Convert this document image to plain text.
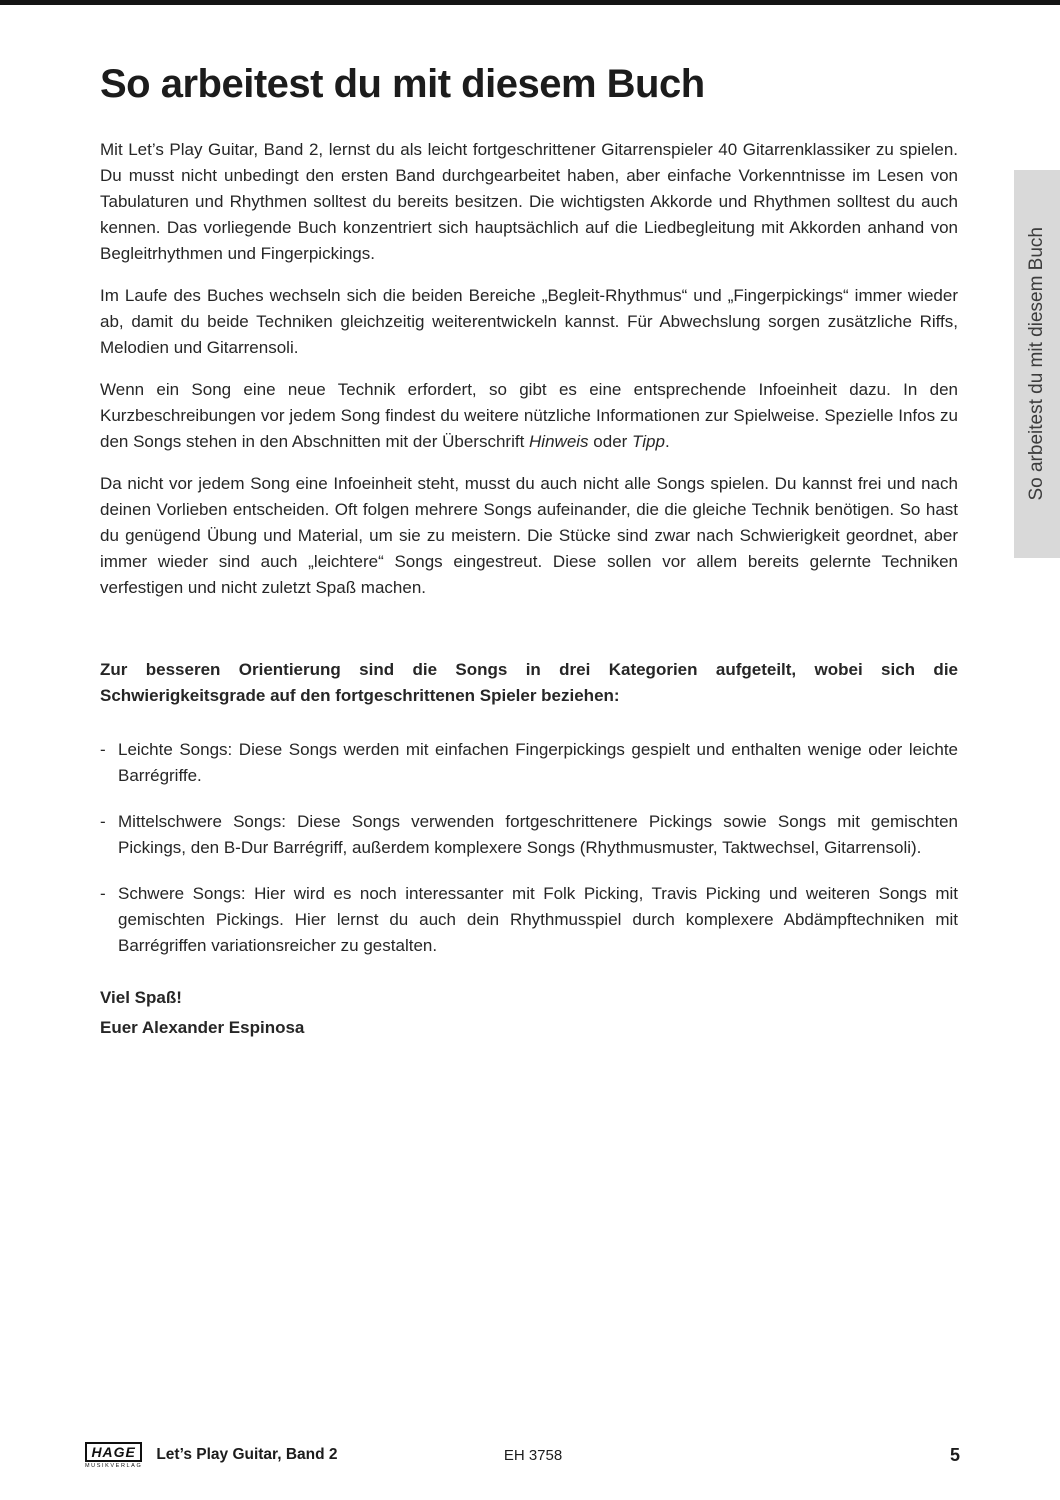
So arbeitest du mit diesem Buch

Mit Let’s Play Guitar, Band 2, lernst du als leicht fortgeschrittener Gitarrenspieler 40 Gitarrenklassiker zu spielen. Du musst nicht unbedingt den ersten Band durchgearbeitet haben, aber einfache Vorkenntnisse im Lesen von Tabulaturen und Rhythmen solltest du bereits besitzen. Die wichtigsten Akkorde und Rhythmen solltest du auch kennen. Das vorliegende Buch konzentriert sich hauptsächlich auf die Liedbegleitung mit Akkorden anhand von Begleitrhythmen und Fingerpickings.

Im Laufe des Buches wechseln sich die beiden Bereiche „Begleit-Rhythmus“ und „Fingerpickings“ immer wieder ab, damit du beide Techniken gleichzeitig weiterentwickeln kannst. Für Abwechslung sorgen zusätzliche Riffs, Melodien und Gitarrensoli.

Wenn ein Song eine neue Technik erfordert, so gibt es eine entsprechende Infoeinheit dazu. In den Kurzbeschreibungen vor jedem Song findest du weitere nützliche Informationen zur Spielweise. Spezielle Infos zu den Songs stehen in den Abschnitten mit der Überschrift Hinweis oder Tipp.

Da nicht vor jedem Song eine Infoeinheit steht, musst du auch nicht alle Songs spielen. Du kannst frei und nach deinen Vorlieben entscheiden. Oft folgen mehrere Songs aufeinander, die die gleiche Technik benötigen. So hast du genügend Übung und Material, um sie zu meistern. Die Stücke sind zwar nach Schwierigkeit geordnet, aber immer wieder sind auch „leichtere“ Songs eingestreut. Diese sollen vor allem bereits gelernte Techniken verfestigen und nicht zuletzt Spaß machen.

Zur besseren Orientierung sind die Songs in drei Kategorien aufgeteilt, wobei sich die Schwierigkeitsgrade auf den fortgeschrittenen Spieler beziehen:

- Leichte Songs: Diese Songs werden mit einfachen Fingerpickings gespielt und enthalten wenige oder leichte Barrégriffe.
- Mittelschwere Songs: Diese Songs verwenden fortgeschrittenere Pickings sowie Songs mit gemischten Pickings, den B-Dur Barrégriff, außerdem komplexere Songs (Rhythmusmuster, Taktwechsel, Gitarrensoli).
- Schwere Songs: Hier wird es noch interessanter mit Folk Picking, Travis Picking und weiteren Songs mit gemischten Pickings. Hier lernst du auch dein Rhythmusspiel durch komplexere Abdämpftechniken mit Barrégriffen variationsreicher zu gestalten.
Viel Spaß!
Euer Alexander Espinosa
So arbeitest du mit diesem Buch
HAGE
MUSIKVERLAG
Let’s Play Guitar, Band 2	EH 3758	5
